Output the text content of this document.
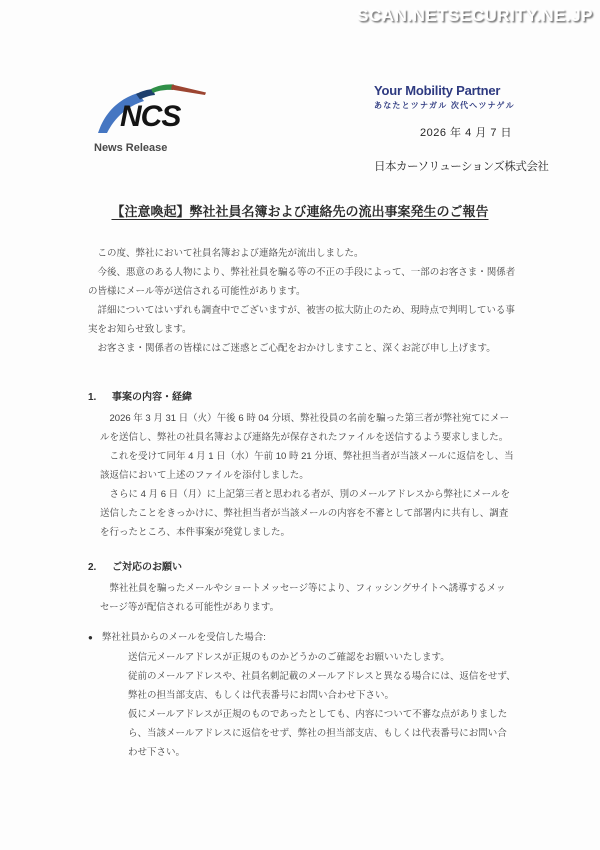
SCAN.NETSECURITY.NE.JP
NCS
News Release
Your Mobility Partner
あなたとツナガル 次代へツナゲル
2026 年 4 月 7 日
日本カーソリューションズ株式会社
【注意喚起】弊社社員名簿および連絡先の流出事案発生のご報告

この度、弊社において社員名簿および連絡先が流出しました。

今後、悪意のある人物により、弊社社員を騙る等の不正の手段によって、一部のお客さま・関係者の皆様にメール等が送信される可能性があります。

詳細についてはいずれも調査中でございますが、被害の拡大防止のため、現時点で判明している事実をお知らせ致します。

お客さま・関係者の皆様にはご迷惑とご心配をおかけしますこと、深くお詫び申し上げます。

1.	事案の内容・経緯

2026 年 3 月 31 日（火）午後 6 時 04 分頃、弊社役員の名前を騙った第三者が弊社宛てにメールを送信し、弊社の社員名簿および連絡先が保存されたファイルを送信するよう要求しました。

これを受けて同年 4 月 1 日（水）午前 10 時 21 分頃、弊社担当者が当該メールに返信をし、当該返信において上述のファイルを添付しました。

さらに 4 月 6 日（月）に上記第三者と思われる者が、別のメールアドレスから弊社にメールを送信したことをきっかけに、弊社担当者が当該メールの内容を不審として部署内に共有し、調査を行ったところ、本件事案が発覚しました。

2.	ご対応のお願い

弊社社員を騙ったメールやショートメッセージ等により、フィッシングサイトへ誘導するメッセージ等が配信される可能性があります。

● 弊社社員からのメールを受信した場合:

送信元メールアドレスが正規のものかどうかのご確認をお願いいたします。

従前のメールアドレスや、社員名刺記載のメールアドレスと異なる場合には、返信をせず、弊社の担当部支店、もしくは代表番号にお問い合わせ下さい。

仮にメールアドレスが正規のものであったとしても、内容について不審な点がありましたら、当該メールアドレスに返信をせず、弊社の担当部支店、もしくは代表番号にお問い合わせ下さい。
